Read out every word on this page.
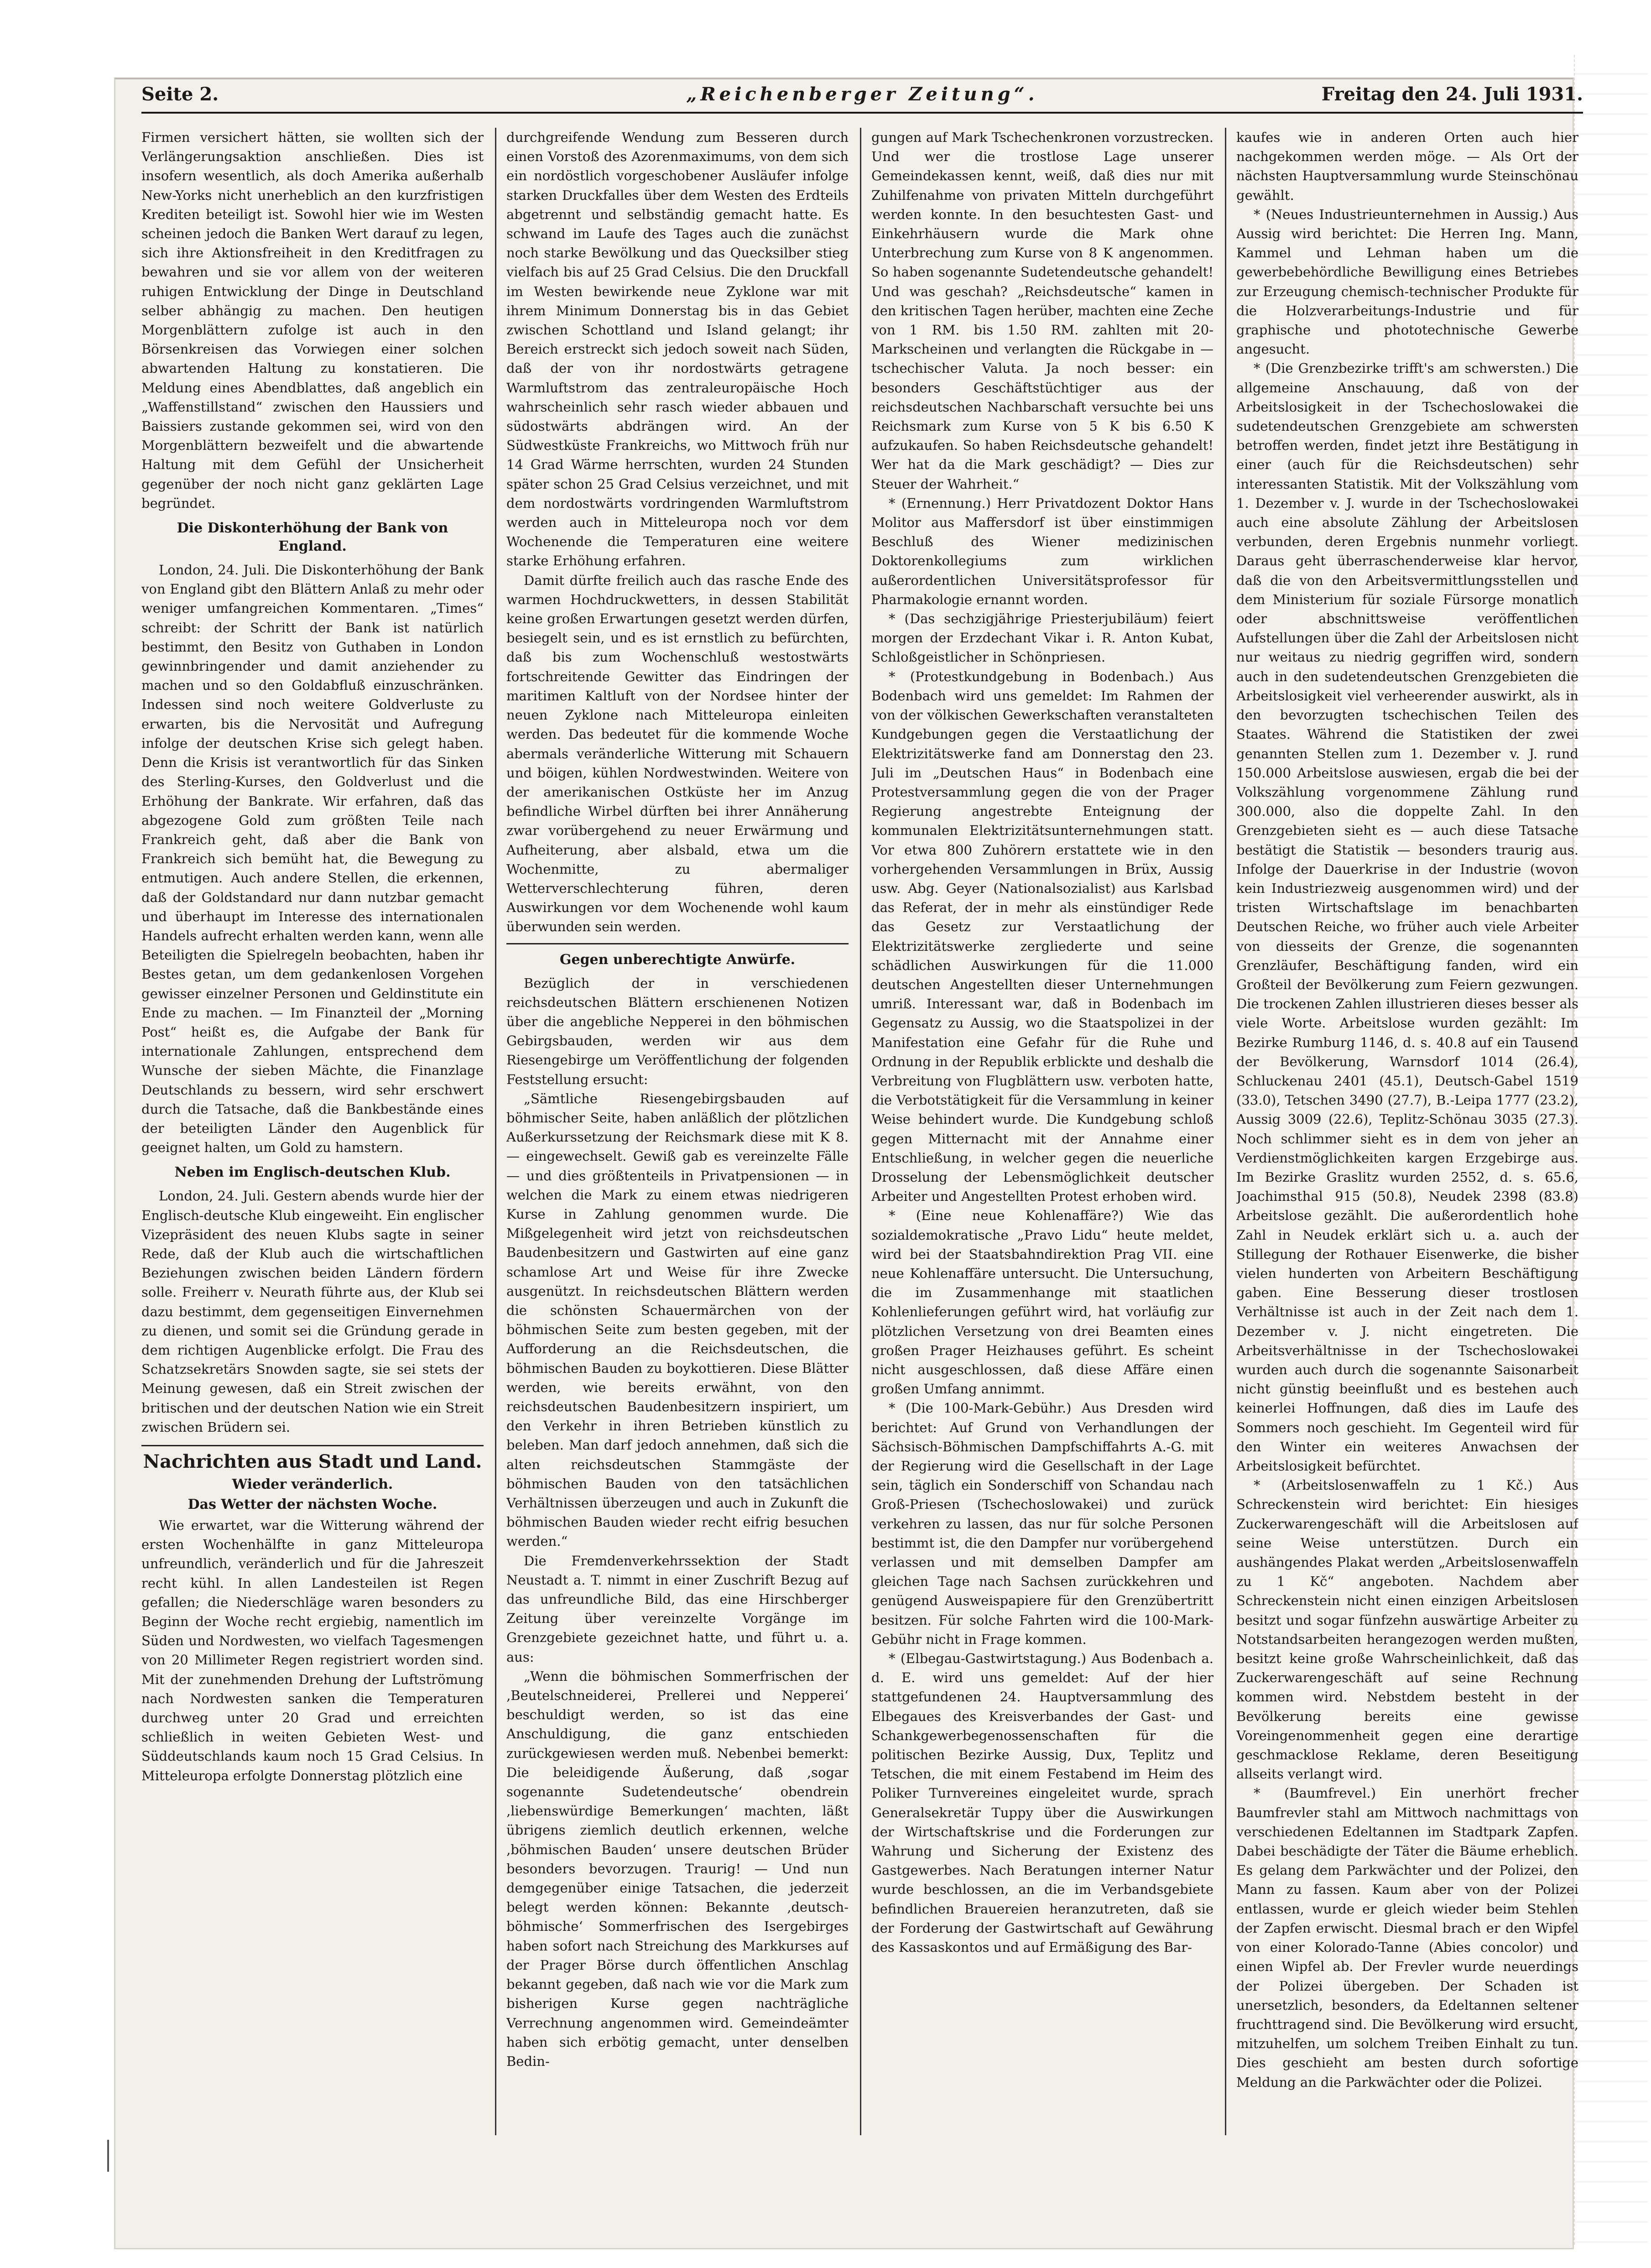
Seite 2.	„Reichenberger Zeitung“.	Freitag den 24. Juli 1931.

Firmen versichert hätten, sie wollten sich der Verlängerungsaktion anschließen. Dies ist insofern wesentlich, als doch Amerika außerhalb New-Yorks nicht unerheblich an den kurzfristigen Krediten beteiligt ist. Sowohl hier wie im Westen scheinen jedoch die Banken Wert darauf zu legen, sich ihre Aktionsfreiheit in den Kreditfragen zu bewahren und sie vor allem von der weiteren ruhigen Entwicklung der Dinge in Deutschland selber abhängig zu machen. Den heutigen Morgenblättern zufolge ist auch in den Börsenkreisen das Vorwiegen einer solchen abwartenden Haltung zu konstatieren. Die Meldung eines Abendblattes, daß angeblich ein „Waffenstillstand“ zwischen den Haussiers und Baissiers zustande gekommen sei, wird von den Morgenblättern bezweifelt und die abwartende Haltung mit dem Gefühl der Unsicherheit gegenüber der noch nicht ganz geklärten Lage begründet.

Die Diskonterhöhung der Bank von England.

London, 24. Juli. Die Diskonterhöhung der Bank von England gibt den Blättern Anlaß zu mehr oder weniger umfangreichen Kommentaren. „Times“ schreibt: der Schritt der Bank ist natürlich bestimmt, den Besitz von Guthaben in London gewinnbringender und damit anziehender zu machen und so den Goldabfluß einzuschränken. Indessen sind noch weitere Goldverluste zu erwarten, bis die Nervosität und Aufregung infolge der deutschen Krise sich gelegt haben. Denn die Krisis ist verantwortlich für das Sinken des Sterling-Kurses, den Goldverlust und die Erhöhung der Bankrate. Wir erfahren, daß das abgezogene Gold zum größten Teile nach Frankreich geht, daß aber die Bank von Frankreich sich bemüht hat, die Bewegung zu entmutigen. Auch andere Stellen, die erkennen, daß der Goldstandard nur dann nutzbar gemacht und überhaupt im Interesse des internationalen Handels aufrecht erhalten werden kann, wenn alle Beteiligten die Spielregeln beobachten, haben ihr Bestes getan, um dem gedankenlosen Vorgehen gewisser einzelner Personen und Geldinstitute ein Ende zu machen. — Im Finanzteil der „Morning Post“ heißt es, die Aufgabe der Bank für internationale Zahlungen, entsprechend dem Wunsche der sieben Mächte, die Finanzlage Deutschlands zu bessern, wird sehr erschwert durch die Tatsache, daß die Bankbestände eines der beteiligten Länder den Augenblick für geeignet halten, um Gold zu hamstern.

Neben im Englisch-deutschen Klub.

London, 24. Juli. Gestern abends wurde hier der Englisch-deutsche Klub eingeweiht. Ein englischer Vizepräsident des neuen Klubs sagte in seiner Rede, daß der Klub auch die wirtschaftlichen Beziehungen zwischen beiden Ländern fördern solle. Freiherr v. Neurath führte aus, der Klub sei dazu bestimmt, dem gegenseitigen Einvernehmen zu dienen, und somit sei die Gründung gerade in dem richtigen Augenblicke erfolgt. Die Frau des Schatzsekretärs Snowden sagte, sie sei stets der Meinung gewesen, daß ein Streit zwischen der britischen und der deutschen Nation wie ein Streit zwischen Brüdern sei.

Nachrichten aus Stadt und Land.
Wieder veränderlich.
Das Wetter der nächsten Woche.

Wie erwartet, war die Witterung während der ersten Wochenhälfte in ganz Mitteleuropa unfreundlich, veränderlich und für die Jahreszeit recht kühl. In allen Landesteilen ist Regen gefallen; die Niederschläge waren besonders zu Beginn der Woche recht ergiebig, namentlich im Süden und Nordwesten, wo vielfach Tagesmengen von 20 Millimeter Regen registriert worden sind. Mit der zunehmenden Drehung der Luftströmung nach Nordwesten sanken die Temperaturen durchweg unter 20 Grad und erreichten schließlich in weiten Gebieten West- und Süddeutschlands kaum noch 15 Grad Celsius. In Mitteleuropa erfolgte Donnerstag plötzlich eine

durchgreifende Wendung zum Besseren durch einen Vorstoß des Azorenmaximums, von dem sich ein nordöstlich vorgeschobener Ausläufer infolge starken Druckfalles über dem Westen des Erdteils abgetrennt und selbständig gemacht hatte. Es schwand im Laufe des Tages auch die zunächst noch starke Bewölkung und das Quecksilber stieg vielfach bis auf 25 Grad Celsius. Die den Druckfall im Westen bewirkende neue Zyklone war mit ihrem Minimum Donnerstag bis in das Gebiet zwischen Schottland und Island gelangt; ihr Bereich erstreckt sich jedoch soweit nach Süden, daß der von ihr nordostwärts getragene Warmluftstrom das zentraleuropäische Hoch wahrscheinlich sehr rasch wieder abbauen und südostwärts abdrängen wird. An der Südwestküste Frankreichs, wo Mittwoch früh nur 14 Grad Wärme herrschten, wurden 24 Stunden später schon 25 Grad Celsius verzeichnet, und mit dem nordostwärts vordringenden Warmluftstrom werden auch in Mitteleuropa noch vor dem Wochenende die Temperaturen eine weitere starke Erhöhung erfahren.

Damit dürfte freilich auch das rasche Ende des warmen Hochdruckwetters, in dessen Stabilität keine großen Erwartungen gesetzt werden dürfen, besiegelt sein, und es ist ernstlich zu befürchten, daß bis zum Wochenschluß westostwärts fortschreitende Gewitter das Eindringen der maritimen Kaltluft von der Nordsee hinter der neuen Zyklone nach Mitteleuropa einleiten werden. Das bedeutet für die kommende Woche abermals veränderliche Witterung mit Schauern und böigen, kühlen Nordwestwinden. Weitere von der amerikanischen Ostküste her im Anzug befindliche Wirbel dürften bei ihrer Annäherung zwar vorübergehend zu neuer Erwärmung und Aufheiterung, aber alsbald, etwa um die Wochenmitte, zu abermaliger Wetterverschlechterung führen, deren Auswirkungen vor dem Wochenende wohl kaum überwunden sein werden.

Gegen unberechtigte Anwürfe.

Bezüglich der in verschiedenen reichsdeutschen Blättern erschienenen Notizen über die angebliche Nepperei in den böhmischen Gebirgsbauden, werden wir aus dem Riesengebirge um Veröffentlichung der folgenden Feststellung ersucht:

„Sämtliche Riesengebirgsbauden auf böhmischer Seite, haben anläßlich der plötzlichen Außerkurssetzung der Reichsmark diese mit K 8.— eingewechselt. Gewiß gab es vereinzelte Fälle — und dies größtenteils in Privatpensionen — in welchen die Mark zu einem etwas niedrigeren Kurse in Zahlung genommen wurde. Die Mißgelegenheit wird jetzt von reichsdeutschen Baudenbesitzern und Gastwirten auf eine ganz schamlose Art und Weise für ihre Zwecke ausgenützt. In reichsdeutschen Blättern werden die schönsten Schauermärchen von der böhmischen Seite zum besten gegeben, mit der Aufforderung an die Reichsdeutschen, die böhmischen Bauden zu boykottieren. Diese Blätter werden, wie bereits erwähnt, von den reichsdeutschen Baudenbesitzern inspiriert, um den Verkehr in ihren Betrieben künstlich zu beleben. Man darf jedoch annehmen, daß sich die alten reichsdeutschen Stammgäste der böhmischen Bauden von den tatsächlichen Verhältnissen überzeugen und auch in Zukunft die böhmischen Bauden wieder recht eifrig besuchen werden.“

Die Fremdenverkehrssektion der Stadt Neustadt a. T. nimmt in einer Zuschrift Bezug auf das unfreundliche Bild, das eine Hirschberger Zeitung über vereinzelte Vorgänge im Grenzgebiete gezeichnet hatte, und führt u. a. aus:

„Wenn die böhmischen Sommerfrischen der ‚Beutelschneiderei, Prellerei und Nepperei‘ beschuldigt werden, so ist das eine Anschuldigung, die ganz entschieden zurückgewiesen werden muß. Nebenbei bemerkt: Die beleidigende Äußerung, daß ‚sogar sogenannte Sudetendeutsche‘ obendrein ‚liebenswürdige Bemerkungen‘ machten, läßt übrigens ziemlich deutlich erkennen, welche ‚böhmischen Bauden‘ unsere deutschen Brüder besonders bevorzugen. Traurig! — Und nun demgegenüber einige Tatsachen, die jederzeit belegt werden können: Bekannte ‚deutsch-böhmische‘ Sommerfrischen des Isergebirges haben sofort nach Streichung des Markkurses auf der Prager Börse durch öffentlichen Anschlag bekannt gegeben, daß nach wie vor die Mark zum bisherigen Kurse gegen nachträgliche Verrechnung angenommen wird. Gemeindeämter haben sich erbötig gemacht, unter denselben Bedin-

gungen auf Mark Tschechenkronen vorzustrecken. Und wer die trostlose Lage unserer Gemeindekassen kennt, weiß, daß dies nur mit Zuhilfenahme von privaten Mitteln durchgeführt werden konnte. In den besuchtesten Gast- und Einkehrhäusern wurde die Mark ohne Unterbrechung zum Kurse von 8 K angenommen. So haben sogenannte Sudetendeutsche gehandelt! Und was geschah? „Reichsdeutsche“ kamen in den kritischen Tagen herüber, machten eine Zeche von 1 RM. bis 1.50 RM. zahlten mit 20-Markscheinen und verlangten die Rückgabe in — tschechischer Valuta. Ja noch besser: ein besonders Geschäftstüchtiger aus der reichsdeutschen Nachbarschaft versuchte bei uns Reichsmark zum Kurse von 5 K bis 6.50 K aufzukaufen. So haben Reichsdeutsche gehandelt! Wer hat da die Mark geschädigt? — Dies zur Steuer der Wahrheit.“

* (Ernennung.) Herr Privatdozent Doktor Hans Molitor aus Maffersdorf ist über einstimmigen Beschluß des Wiener medizinischen Doktorenkollegiums zum wirklichen außerordentlichen Universitätsprofessor für Pharmakologie ernannt worden.

* (Das sechzigjährige Priesterjubiläum) feiert morgen der Erzdechant Vikar i. R. Anton Kubat, Schloßgeistlicher in Schönpriesen.

* (Protestkundgebung in Bodenbach.) Aus Bodenbach wird uns gemeldet: Im Rahmen der von der völkischen Gewerkschaften veranstalteten Kundgebungen gegen die Verstaatlichung der Elektrizitätswerke fand am Donnerstag den 23. Juli im „Deutschen Haus“ in Bodenbach eine Protestversammlung gegen die von der Prager Regierung angestrebte Enteignung der kommunalen Elektrizitätsunternehmungen statt. Vor etwa 800 Zuhörern erstattete wie in den vorhergehenden Versammlungen in Brüx, Aussig usw. Abg. Geyer (Nationalsozialist) aus Karlsbad das Referat, der in mehr als einstündiger Rede das Gesetz zur Verstaatlichung der Elektrizitätswerke zergliederte und seine schädlichen Auswirkungen für die 11.000 deutschen Angestellten dieser Unternehmungen umriß. Interessant war, daß in Bodenbach im Gegensatz zu Aussig, wo die Staatspolizei in der Manifestation eine Gefahr für die Ruhe und Ordnung in der Republik erblickte und deshalb die Verbreitung von Flugblättern usw. verboten hatte, die Verbotstätigkeit für die Versammlung in keiner Weise behindert wurde. Die Kundgebung schloß gegen Mitternacht mit der Annahme einer Entschließung, in welcher gegen die neuerliche Drosselung der Lebensmöglichkeit deutscher Arbeiter und Angestellten Protest erhoben wird.

* (Eine neue Kohlenaffäre?) Wie das sozialdemokratische „Pravo Lidu“ heute meldet, wird bei der Staatsbahndirektion Prag VII. eine neue Kohlenaffäre untersucht. Die Untersuchung, die im Zusammenhange mit staatlichen Kohlenlieferungen geführt wird, hat vorläufig zur plötzlichen Versetzung von drei Beamten eines großen Prager Heizhauses geführt. Es scheint nicht ausgeschlossen, daß diese Affäre einen großen Umfang annimmt.

* (Die 100-Mark-Gebühr.) Aus Dresden wird berichtet: Auf Grund von Verhandlungen der Sächsisch-Böhmischen Dampfschiffahrts A.-G. mit der Regierung wird die Gesellschaft in der Lage sein, täglich ein Sonderschiff von Schandau nach Groß-Priesen (Tschechoslowakei) und zurück verkehren zu lassen, das nur für solche Personen bestimmt ist, die den Dampfer nur vorübergehend verlassen und mit demselben Dampfer am gleichen Tage nach Sachsen zurückkehren und genügend Ausweispapiere für den Grenzübertritt besitzen. Für solche Fahrten wird die 100-Mark-Gebühr nicht in Frage kommen.

* (Elbegau-Gastwirtstagung.) Aus Bodenbach a. d. E. wird uns gemeldet: Auf der hier stattgefundenen 24. Hauptversammlung des Elbegaues des Kreisverbandes der Gast- und Schankgewerbegenossenschaften für die politischen Bezirke Aussig, Dux, Teplitz und Tetschen, die mit einem Festabend im Heim des Poliker Turnvereines eingeleitet wurde, sprach Generalsekretär Tuppy über die Auswirkungen der Wirtschaftskrise und die Forderungen zur Wahrung und Sicherung der Existenz des Gastgewerbes. Nach Beratungen interner Natur wurde beschlossen, an die im Verbandsgebiete befindlichen Brauereien heranzutreten, daß sie der Forderung der Gastwirtschaft auf Gewährung des Kassaskontos und auf Ermäßigung des Bar-

kaufes wie in anderen Orten auch hier nachgekommen werden möge. — Als Ort der nächsten Hauptversammlung wurde Steinschönau gewählt.

* (Neues Industrieunternehmen in Aussig.) Aus Aussig wird berichtet: Die Herren Ing. Mann, Kammel und Lehman haben um die gewerbebehördliche Bewilligung eines Betriebes zur Erzeugung chemisch-technischer Produkte für die Holzverarbeitungs-Industrie und für graphische und phototechnische Gewerbe angesucht.

* (Die Grenzbezirke trifft's am schwersten.) Die allgemeine Anschauung, daß von der Arbeitslosigkeit in der Tschechoslowakei die sudetendeutschen Grenzgebiete am schwersten betroffen werden, findet jetzt ihre Bestätigung in einer (auch für die Reichsdeutschen) sehr interessanten Statistik. Mit der Volkszählung vom 1. Dezember v. J. wurde in der Tschechoslowakei auch eine absolute Zählung der Arbeitslosen verbunden, deren Ergebnis nunmehr vorliegt. Daraus geht überraschenderweise klar hervor, daß die von den Arbeitsvermittlungsstellen und dem Ministerium für soziale Fürsorge monatlich oder abschnittsweise veröffentlichen Aufstellungen über die Zahl der Arbeitslosen nicht nur weitaus zu niedrig gegriffen wird, sondern auch in den sudetendeutschen Grenzgebieten die Arbeitslosigkeit viel verheerender auswirkt, als in den bevorzugten tschechischen Teilen des Staates. Während die Statistiken der zwei genannten Stellen zum 1. Dezember v. J. rund 150.000 Arbeitslose auswiesen, ergab die bei der Volkszählung vorgenommene Zählung rund 300.000, also die doppelte Zahl. In den Grenzgebieten sieht es — auch diese Tatsache bestätigt die Statistik — besonders traurig aus. Infolge der Dauerkrise in der Industrie (wovon kein Industriezweig ausgenommen wird) und der tristen Wirtschaftslage im benachbarten Deutschen Reiche, wo früher auch viele Arbeiter von diesseits der Grenze, die sogenannten Grenzläufer, Beschäftigung fanden, wird ein Großteil der Bevölkerung zum Feiern gezwungen. Die trockenen Zahlen illustrieren dieses besser als viele Worte. Arbeitslose wurden gezählt: Im Bezirke Rumburg 1146, d. s. 40.8 auf ein Tausend der Bevölkerung, Warnsdorf 1014 (26.4), Schluckenau 2401 (45.1), Deutsch-Gabel 1519 (33.0), Tetschen 3490 (27.7), B.-Leipa 1777 (23.2), Aussig 3009 (22.6), Teplitz-Schönau 3035 (27.3). Noch schlimmer sieht es in dem von jeher an Verdienstmöglichkeiten kargen Erzgebirge aus. Im Bezirke Graslitz wurden 2552, d. s. 65.6, Joachimsthal 915 (50.8), Neudek 2398 (83.8) Arbeitslose gezählt. Die außerordentlich hohe Zahl in Neudek erklärt sich u. a. auch der Stillegung der Rothauer Eisenwerke, die bisher vielen hunderten von Arbeitern Beschäftigung gaben. Eine Besserung dieser trostlosen Verhältnisse ist auch in der Zeit nach dem 1. Dezember v. J. nicht eingetreten. Die Arbeitsverhältnisse in der Tschechoslowakei wurden auch durch die sogenannte Saisonarbeit nicht günstig beeinflußt und es bestehen auch keinerlei Hoffnungen, daß dies im Laufe des Sommers noch geschieht. Im Gegenteil wird für den Winter ein weiteres Anwachsen der Arbeitslosigkeit befürchtet.

* (Arbeitslosenwaffeln zu 1 Kč.) Aus Schreckenstein wird berichtet: Ein hiesiges Zuckerwarengeschäft will die Arbeitslosen auf seine Weise unterstützen. Durch ein aushängendes Plakat werden „Arbeitslosenwaffeln zu 1 Kč“ angeboten. Nachdem aber Schreckenstein nicht einen einzigen Arbeitslosen besitzt und sogar fünfzehn auswärtige Arbeiter zu Notstandsarbeiten herangezogen werden mußten, besitzt keine große Wahrscheinlichkeit, daß das Zuckerwarengeschäft auf seine Rechnung kommen wird. Nebstdem besteht in der Bevölkerung bereits eine gewisse Voreingenommenheit gegen eine derartige geschmacklose Reklame, deren Beseitigung allseits verlangt wird.

* (Baumfrevel.) Ein unerhört frecher Baumfrevler stahl am Mittwoch nachmittags von verschiedenen Edeltannen im Stadtpark Zapfen. Dabei beschädigte der Täter die Bäume erheblich. Es gelang dem Parkwächter und der Polizei, den Mann zu fassen. Kaum aber von der Polizei entlassen, wurde er gleich wieder beim Stehlen der Zapfen erwischt. Diesmal brach er den Wipfel von einer Kolorado-Tanne (Abies concolor) und einen Wipfel ab. Der Frevler wurde neuerdings der Polizei übergeben. Der Schaden ist unersetzlich, besonders, da Edeltannen seltener fruchttragend sind. Die Bevölkerung wird ersucht, mitzuhelfen, um solchem Treiben Einhalt zu tun. Dies geschieht am besten durch sofortige Meldung an die Parkwächter oder die Polizei.
